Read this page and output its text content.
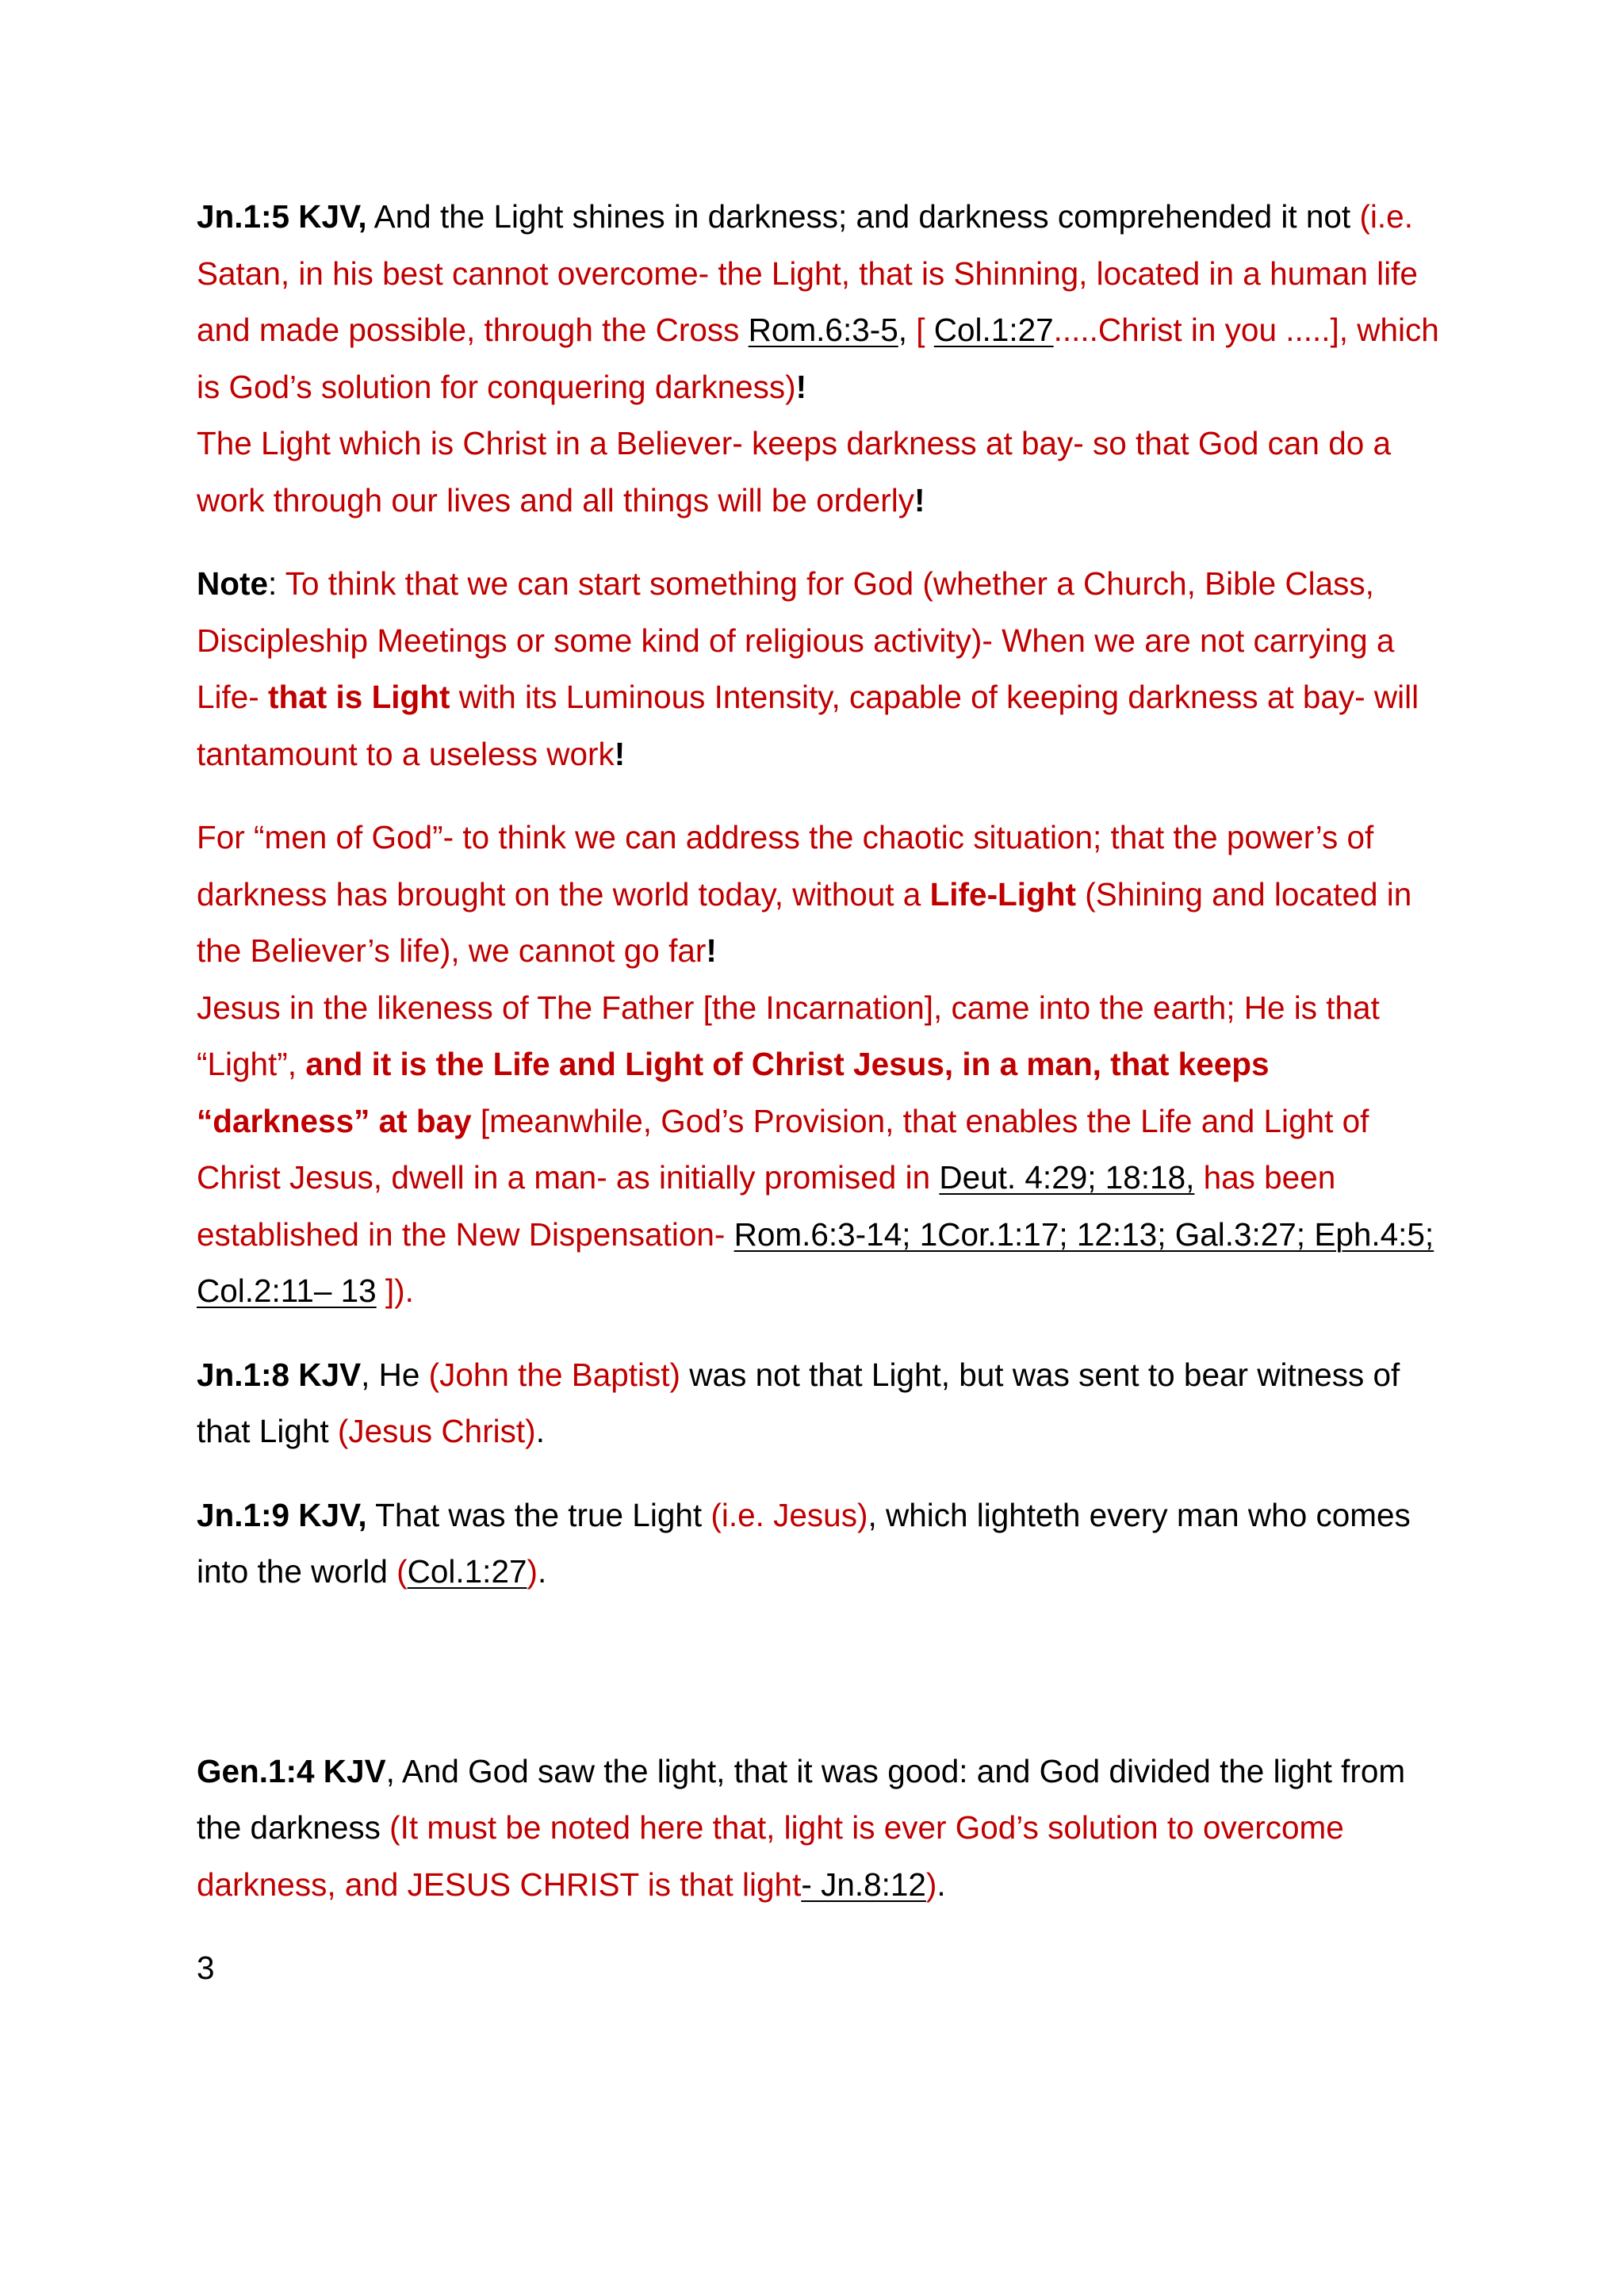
Jn.1:5 KJV, And the Light shines in darkness; and darkness comprehended it not (i.e. Satan, in his best cannot overcome- the Light, that is Shinning, located in a human life and made possible, through the Cross Rom.6:3-5, [ Col.1:27.....Christ in you .....], which is God’s solution for conquering darkness)!

The Light which is Christ in a Believer- keeps darkness at bay- so that God can do a work through our lives and all things will be orderly!

Note: To think that we can start something for God (whether a Church, Bible Class, Discipleship Meetings or some kind of religious activity)- When we are not carrying a Life- that is Light with its Luminous Intensity, capable of keeping darkness at bay- will tantamount to a useless work!

For “men of God”- to think we can address the chaotic situation; that the power’s of darkness has brought on the world today, without a Life-Light (Shining and located in the Believer’s life), we cannot go far!

Jesus in the likeness of The Father [the Incarnation], came into the earth; He is that “Light”, and it is the Life and Light of Christ Jesus, in a man, that keeps “darkness” at bay [meanwhile, God’s Provision, that enables the Life and Light of Christ Jesus, dwell in a man- as initially promised in Deut. 4:29; 18:18, has been established in the New Dispensation- Rom.6:3-14; 1Cor.1:17; 12:13; Gal.3:27; Eph.4:5; Col.2:11– 13 ]).

Jn.1:8 KJV, He (John the Baptist) was not that Light, but was sent to bear witness of that Light (Jesus Christ).

Jn.1:9 KJV, That was the true Light (i.e. Jesus), which lighteth every man who comes into the world (Col.1:27).

Gen.1:4 KJV, And God saw the light, that it was good: and God divided the light from the darkness (It must be noted here that, light is ever God’s solution to overcome darkness, and JESUS CHRIST is that light- Jn.8:12).

3
